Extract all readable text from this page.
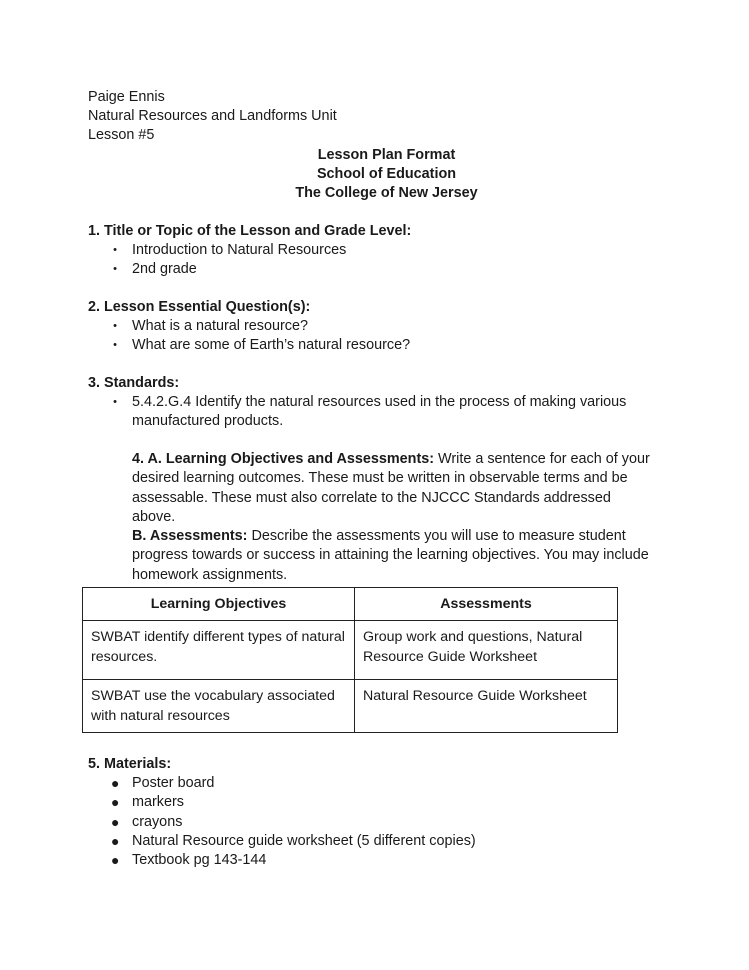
Paige Ennis
Natural Resources and Landforms Unit
Lesson #5
Lesson Plan Format
School of Education
The College of New Jersey
1. Title or Topic of the Lesson and Grade Level:
• Introduction to Natural Resources
• 2nd grade
2. Lesson Essential Question(s):
• What is a natural resource?
• What are some of Earth’s natural resource?
3. Standards:
• 5.4.2.G.4 Identify the natural resources used in the process of making various
manufactured products.
4. A. Learning Objectives and Assessments: Write a sentence for each of your desired learning outcomes. These must be written in observable terms and be assessable. These must also correlate to the NJCCC Standards addressed above.
B. Assessments: Describe the assessments you will use to measure student progress towards or success in attaining the learning objectives. You may include homework assignments.
Learning Objectives	Assessments
SWBAT identify different types of natural resources.	Group work and questions, Natural Resource Guide Worksheet
SWBAT use the vocabulary associated with natural resources	Natural Resource Guide Worksheet
5. Materials:
● Poster board
● markers
● crayons
● Natural Resource guide worksheet (5 different copies)
● Textbook pg 143-144
